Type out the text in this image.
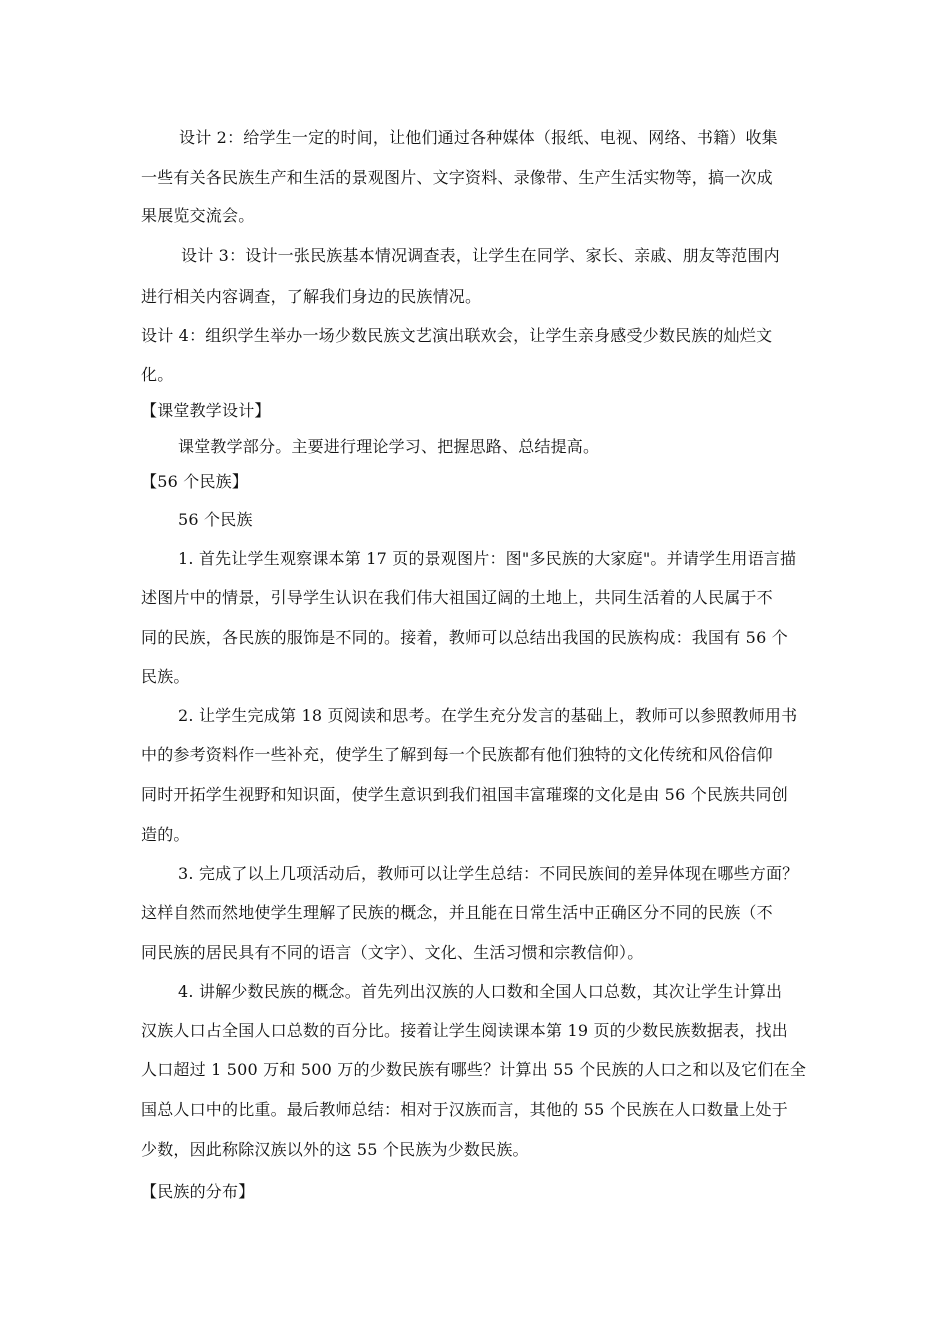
设计 2：给学生一定的时间，让他们通过各种媒体（报纸、电视、网络、书籍）收集
一些有关各民族生产和生活的景观图片、文字资料、录像带、生产生活实物等，搞一次成
果展览交流会。
设计 3：设计一张民族基本情况调查表，让学生在同学、家长、亲戚、朋友等范围内
进行相关内容调查，了解我们身边的民族情况。
设计 4：组织学生举办一场少数民族文艺演出联欢会，让学生亲身感受少数民族的灿烂文
化。
【课堂教学设计】
课堂教学部分。主要进行理论学习、把握思路、总结提高。
【56 个民族】
56 个民族
1. 首先让学生观察课本第 17 页的景观图片：图"多民族的大家庭"。并请学生用语言描
述图片中的情景，引导学生认识在我们伟大祖国辽阔的土地上，共同生活着的人民属于不
同的民族，各民族的服饰是不同的。接着，教师可以总结出我国的民族构成：我国有 56 个
民族。
2. 让学生完成第 18 页阅读和思考。在学生充分发言的基础上，教师可以参照教师用书
中的参考资料作一些补充，使学生了解到每一个民族都有他们独特的文化传统和风俗信仰
同时开拓学生视野和知识面，使学生意识到我们祖国丰富璀璨的文化是由 56 个民族共同创
造的。
3. 完成了以上几项活动后，教师可以让学生总结：不同民族间的差异体现在哪些方面？
这样自然而然地使学生理解了民族的概念，并且能在日常生活中正确区分不同的民族（不
同民族的居民具有不同的语言（文字）、文化、生活习惯和宗教信仰）。
4. 讲解少数民族的概念。首先列出汉族的人口数和全国人口总数，其次让学生计算出
汉族人口占全国人口总数的百分比。接着让学生阅读课本第 19 页的少数民族数据表，找出
人口超过 1 500 万和 500 万的少数民族有哪些？计算出 55 个民族的人口之和以及它们在全
国总人口中的比重。最后教师总结：相对于汉族而言，其他的 55 个民族在人口数量上处于
少数，因此称除汉族以外的这 55 个民族为少数民族。
【民族的分布】
